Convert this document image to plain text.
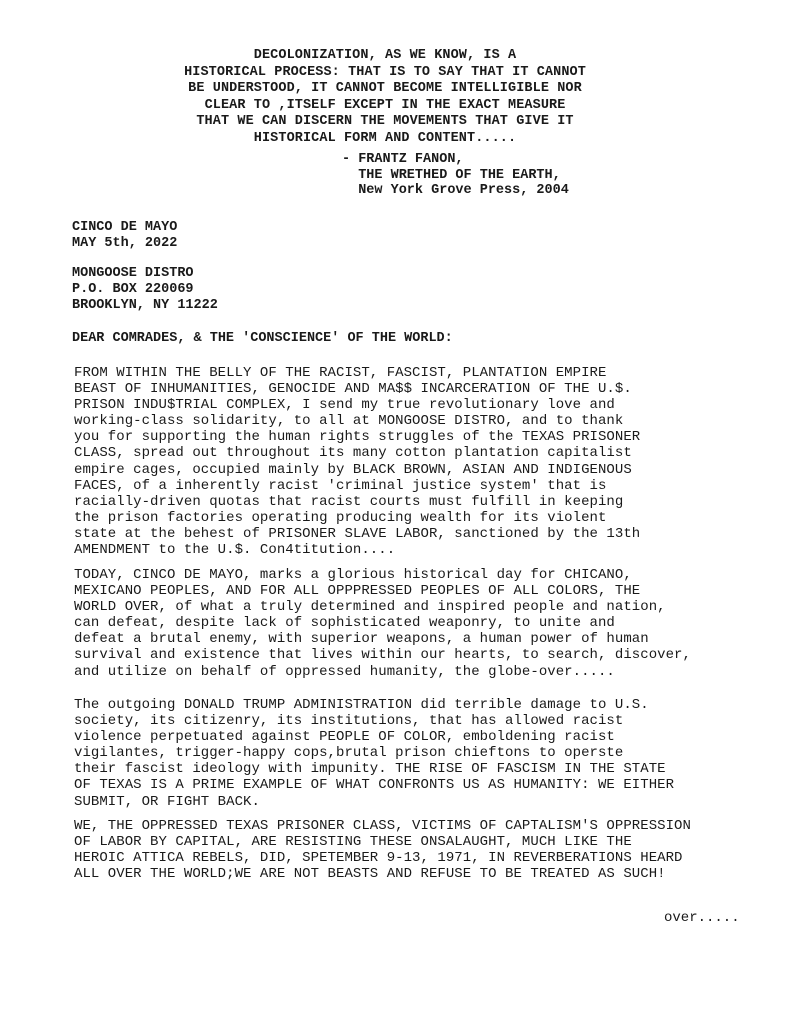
DECOLONIZATION, AS WE KNOW, IS A
HISTORICAL PROCESS: THAT IS TO SAY THAT IT CANNOT
BE UNDERSTOOD, IT CANNOT BECOME INTELLIGIBLE NOR
CLEAR TO ,ITSELF EXCEPT IN THE EXACT MEASURE
THAT WE CAN DISCERN THE MOVEMENTS THAT GIVE IT
HISTORICAL FORM AND CONTENT.....
- FRANTZ FANON,
THE WRETHED OF THE EARTH,
New York Grove Press, 2004
CINCO DE MAYO
MAY 5th, 2022
MONGOOSE DISTRO
P.O. BOX 220069
BROOKLYN, NY 11222
DEAR COMRADES, & THE 'CONSCIENCE' OF THE WORLD:
FROM WITHIN THE BELLY OF THE RACIST, FASCIST, PLANTATION EMPIRE
BEAST OF INHUMANITIES, GENOCIDE AND MA$$ INCARCERATION OF THE U.$.
PRISON INDU$TRIAL COMPLEX, I send my true revolutionary love and
working-class solidarity, to all at MONGOOSE DISTRO, and to thank
you for supporting the human rights struggles of the TEXAS PRISONER
CLASS, spread out throughout its many cotton plantation capitalist
empire cages, occupied mainly by BLACK BROWN, ASIAN AND INDIGENOUS
FACES, of a inherently racist 'criminal justice system' that is
racially-driven quotas that racist courts must fulfill in keeping
the prison factories operating producing wealth for its violent
state at the behest of PRISONER SLAVE LABOR, sanctioned by the 13th
AMENDMENT to the U.$. Con4titution....
TODAY, CINCO DE MAYO, marks a glorious historical day for CHICANO,
MEXICANO PEOPLES, AND FOR ALL OPPPRESSED PEOPLES OF ALL COLORS, THE
WORLD OVER, of what a truly determined and inspired people and nation,
can defeat, despite lack of sophisticated weaponry, to unite and
defeat a brutal enemy, with superior weapons, a human power of human
survival and existence that lives within our hearts, to search, discover,
and utilize on behalf of oppressed humanity, the globe-over.....
The outgoing DONALD TRUMP ADMINISTRATION did terrible damage to U.S.
society, its citizenry, its institutions, that has allowed racist
violence perpetuated against PEOPLE OF COLOR, emboldening racist
vigilantes, trigger-happy cops,brutal prison chieftons to operste
their fascist ideology with impunity. THE RISE OF FASCISM IN THE STATE
OF TEXAS IS A PRIME EXAMPLE OF WHAT CONFRONTS US AS HUMANITY: WE EITHER
SUBMIT, OR FIGHT BACK.
WE, THE OPPRESSED TEXAS PRISONER CLASS, VICTIMS OF CAPTALISM'S OPPRESSION
OF LABOR BY CAPITAL, ARE RESISTING THESE ONSALAUGHT, MUCH LIKE THE
HEROIC ATTICA REBELS, DID, SPETEMBER 9-13, 1971, IN REVERBERATIONS HEARD
ALL OVER THE WORLD;WE ARE NOT BEASTS AND REFUSE TO BE TREATED AS SUCH!
over.....
